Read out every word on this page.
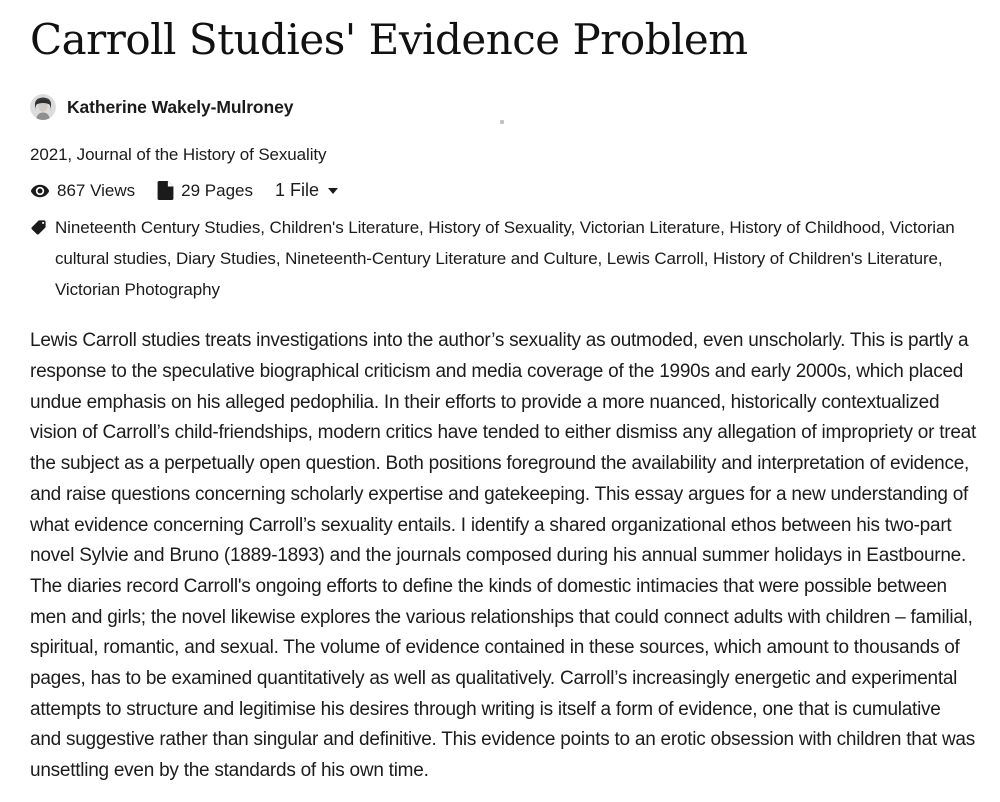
Carroll Studies' Evidence Problem
Katherine Wakely-Mulroney
2021, Journal of the History of Sexuality
867 Views	29 Pages 1 File
Nineteenth Century Studies, Children's Literature, History of Sexuality, Victorian Literature, History of Childhood, Victorian cultural studies, Diary Studies, Nineteenth-Century Literature and Culture, Lewis Carroll, History of Children's Literature, Victorian Photography

Lewis Carroll studies treats investigations into the author’s sexuality as outmoded, even unscholarly. This is partly a response to the speculative biographical criticism and media coverage of the 1990s and early 2000s, which placed undue emphasis on his alleged pedophilia. In their efforts to provide a more nuanced, historically contextualized vision of Carroll’s child-friendships, modern critics have tended to either dismiss any allegation of impropriety or treat the subject as a perpetually open question. Both positions foreground the availability and interpretation of evidence, and raise questions concerning scholarly expertise and gatekeeping. This essay argues for a new understanding of what evidence concerning Carroll’s sexuality entails. I identify a shared organizational ethos between his two-part novel Sylvie and Bruno (1889-1893) and the journals composed during his annual summer holidays in Eastbourne. The diaries record Carroll's ongoing efforts to define the kinds of domestic intimacies that were possible between men and girls; the novel likewise explores the various relationships that could connect adults with children – familial, spiritual, romantic, and sexual. The volume of evidence contained in these sources, which amount to thousands of pages, has to be examined quantitatively as well as qualitatively. Carroll’s increasingly energetic and experimental attempts to structure and legitimise his desires through writing is itself a form of evidence, one that is cumulative and suggestive rather than singular and definitive. This evidence points to an erotic obsession with children that was unsettling even by the standards of his own time.
